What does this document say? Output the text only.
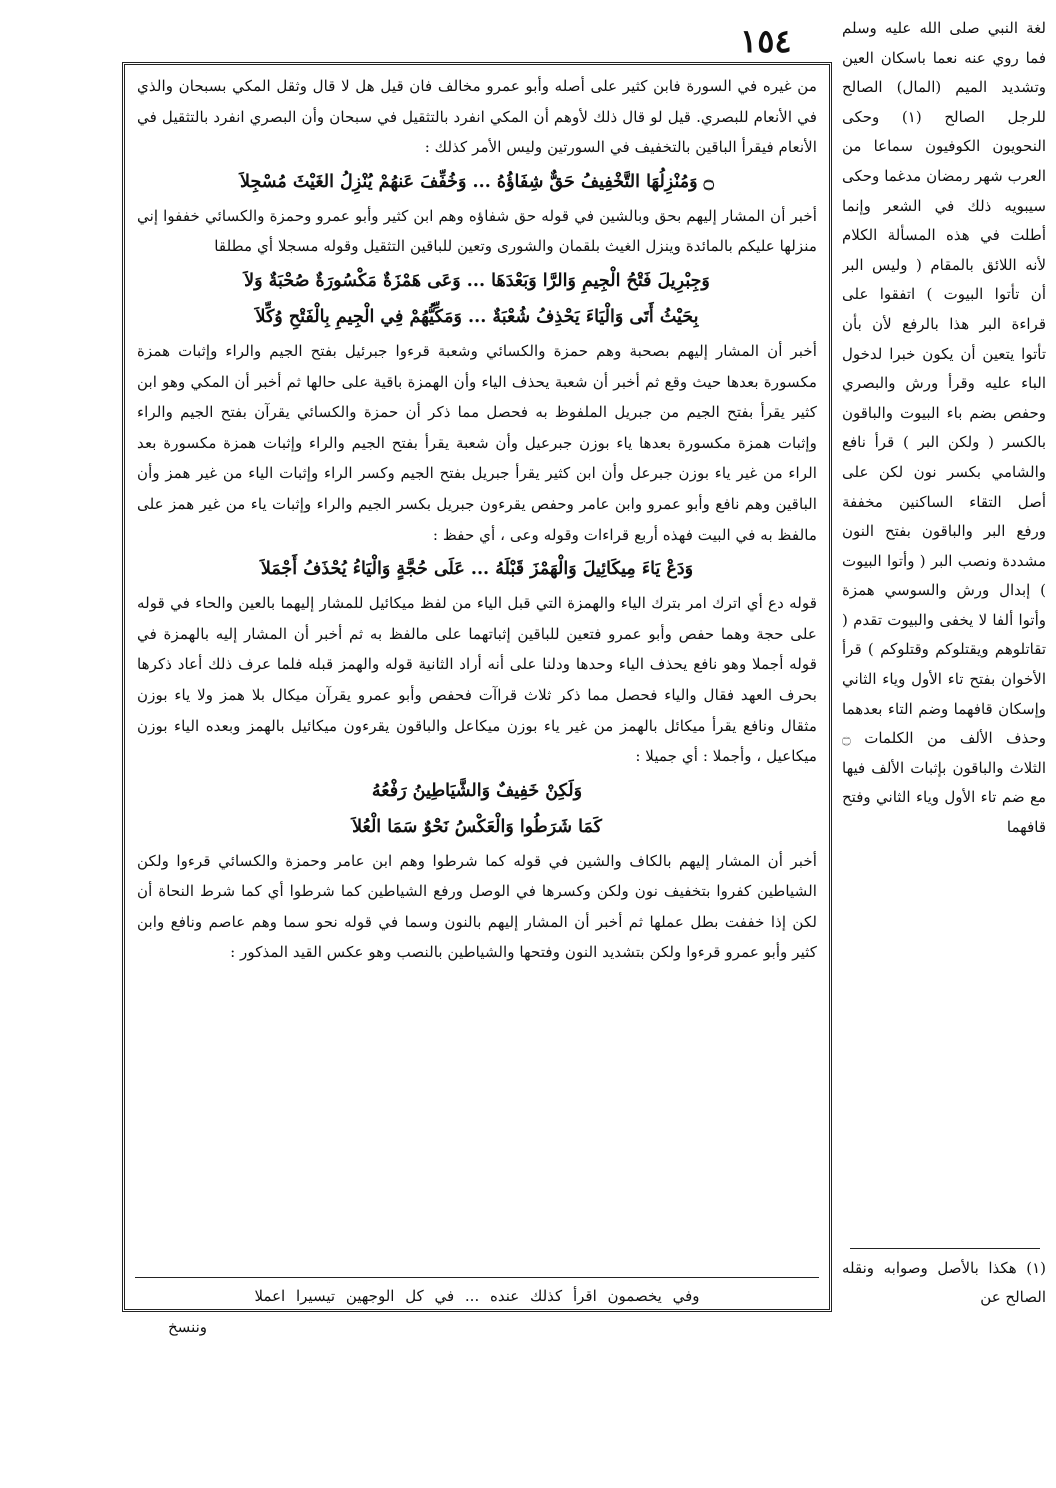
١٥٤

من غيره في السورة فابن كثير على أصله وأبو عمرو مخالف فان قيل هل لا قال وثقل المكي بسبحان والذي في الأنعام للبصري. قيل لو قال ذلك لأوهم أن المكي انفرد بالتثقيل في سبحان وأن البصري انفرد بالتثقيل في الأنعام فيقرأ الباقين بالتخفيف في السورتين وليس الأمر كذلك :

۝ وَمُنْزِلُهَا التَّخْفِيفُ حَقٌّ شِفَاؤُهُ ... وَخُفِّفَ عَنهُمْ يُنْزِلُ الغَيْثَ مُسْجِلاَ

أخبر أن المشار إليهم بحق وبالشين في قوله حق شفاؤه وهم ابن كثير وأبو عمرو وحمزة والكسائي خففوا إني منزلها عليكم بالمائدة وينزل الغيث بلقمان والشورى وتعين للباقين التثقيل وقوله مسجلا أي مطلقا

وَجِبْرِيلَ فَتْحُ الْجِيمِ وَالرَّا وَبَعْدَهَا ... وَعَى هَمْزَةٌ مَكْسُورَةٌ صُحْبَةٌ وَلاَ
بِحَيْثُ أَتَى وَالْيَاءَ يَحْذِفُ شُعْبَةٌ ... وَمَكِّيُّهُمْ فِي الْجِيمِ بِالْفَتْحِ وُكِّلاَ

أخبر أن المشار إليهم بصحبة وهم حمزة والكسائي وشعبة قرءوا جبرئيل بفتح الجيم والراء وإثبات همزة مكسورة بعدها حيث وقع ثم أخبر أن شعبة يحذف الياء وأن الهمزة باقية على حالها ثم أخبر أن المكي وهو ابن كثير يقرأ بفتح الجيم من جبريل الملفوظ به فحصل مما ذكر أن حمزة والكسائي يقرآن بفتح الجيم والراء وإثبات همزة مكسورة بعدها ياء بوزن جبرعيل وأن شعبة يقرأ بفتح الجيم والراء وإثبات همزة مكسورة بعد الراء من غير ياء بوزن جبرعل وأن ابن كثير يقرأ جبريل بفتح الجيم وكسر الراء وإثبات الياء من غير همز وأن الباقين وهم نافع وأبو عمرو وابن عامر وحفص يقرءون جبريل بكسر الجيم والراء وإثبات ياء من غير همز على مالفظ به في البيت فهذه أربع قراءات وقوله وعى ، أي حفظ :

وَدَعْ يَاءَ مِيكَائِيلَ وَالْهَمْزَ قَبْلَهُ ... عَلَى حُجَّةٍ وَالْيَاءُ يُحْذَفُ أَجْمَلاَ

قوله دع أي اترك امر بترك الياء والهمزة التي قبل الياء من لفظ ميكائيل للمشار إليهما بالعين والحاء في قوله على حجة وهما حفص وأبو عمرو فتعين للباقين إثباتهما على مالفظ به ثم أخبر أن المشار إليه بالهمزة في قوله أجملا وهو نافع يحذف الياء وحدها ودلنا على أنه أراد الثانية قوله والهمز قبله فلما عرف ذلك أعاد ذكرها بحرف العهد فقال والياء فحصل مما ذكر ثلاث قراآت فحفص وأبو عمرو يقرآن ميكال بلا همز ولا ياء بوزن مثقال ونافع يقرأ ميكائل بالهمز من غير ياء بوزن ميكاعل والباقون يقرءون ميكائيل بالهمز وبعده الياء بوزن ميكاعيل ، وأجملا : أي جميلا :

وَلَكِنْ خَفِيفٌ وَالشَّيَاطِينُ رَفْعُهُ
كَمَا شَرَطُوا وَالْعَكْسُ نَحْوٌ سَمَا الْعُلاَ

أخبر أن المشار إليهم بالكاف والشين في قوله كما شرطوا وهم ابن عامر وحمزة والكسائي قرءوا ولكن الشياطين كفروا بتخفيف نون ولكن وكسرها في الوصل ورفع الشياطين كما شرطوا أي كما شرط النحاة أن لكن إذا خففت بطل عملها ثم أخبر أن المشار إليهم بالنون وسما في قوله نحو سما وهم عاصم ونافع وابن كثير وأبو عمرو قرءوا ولكن بتشديد النون وفتحها والشياطين بالنصب وهو عكس القيد المذكور :

وفي يخصمون اقرأ كذلك عنده ... في كل الوجهين تيسيرا اعملا
وننسخ
لغة النبي صلى الله عليه وسلم فما روي عنه نعما باسكان العين وتشديد الميم (المال) الصالح للرجل الصالح (١) وحكى النحويون الكوفيون سماعا من العرب شهر رمضان مدغما وحكى سيبويه ذلك في الشعر وإنما أطلت في هذه المسألة الكلام لأنه اللائق بالمقام ( وليس البر أن تأتوا البيوت ) اتفقوا على قراءة البر هذا بالرفع لأن بأن تأتوا يتعين أن يكون خبرا لدخول الباء عليه وقرأ ورش والبصري وحفص بضم باء البيوت والباقون بالكسر ( ولكن البر ) قرأ نافع والشامي بكسر نون لكن على أصل التقاء الساكنين مخففة ورفع البر والباقون بفتح النون مشددة ونصب البر ( وأتوا البيوت ) إبدال ورش والسوسي همزة وأتوا ألفا لا يخفى والبيوت تقدم ( تقاتلوهم ويقتلوكم وقتلوكم ) قرأ الأخوان بفتح تاء الأول وياء الثاني وإسكان قافهما وضم التاء بعدهما وحذف الألف من الكلمات ۝ الثلاث والباقون بإثبات الألف فيها مع ضم تاء الأول وياء الثاني وفتح قافهما
(١) هكذا بالأصل وصوابه ونقله الصالح عن
